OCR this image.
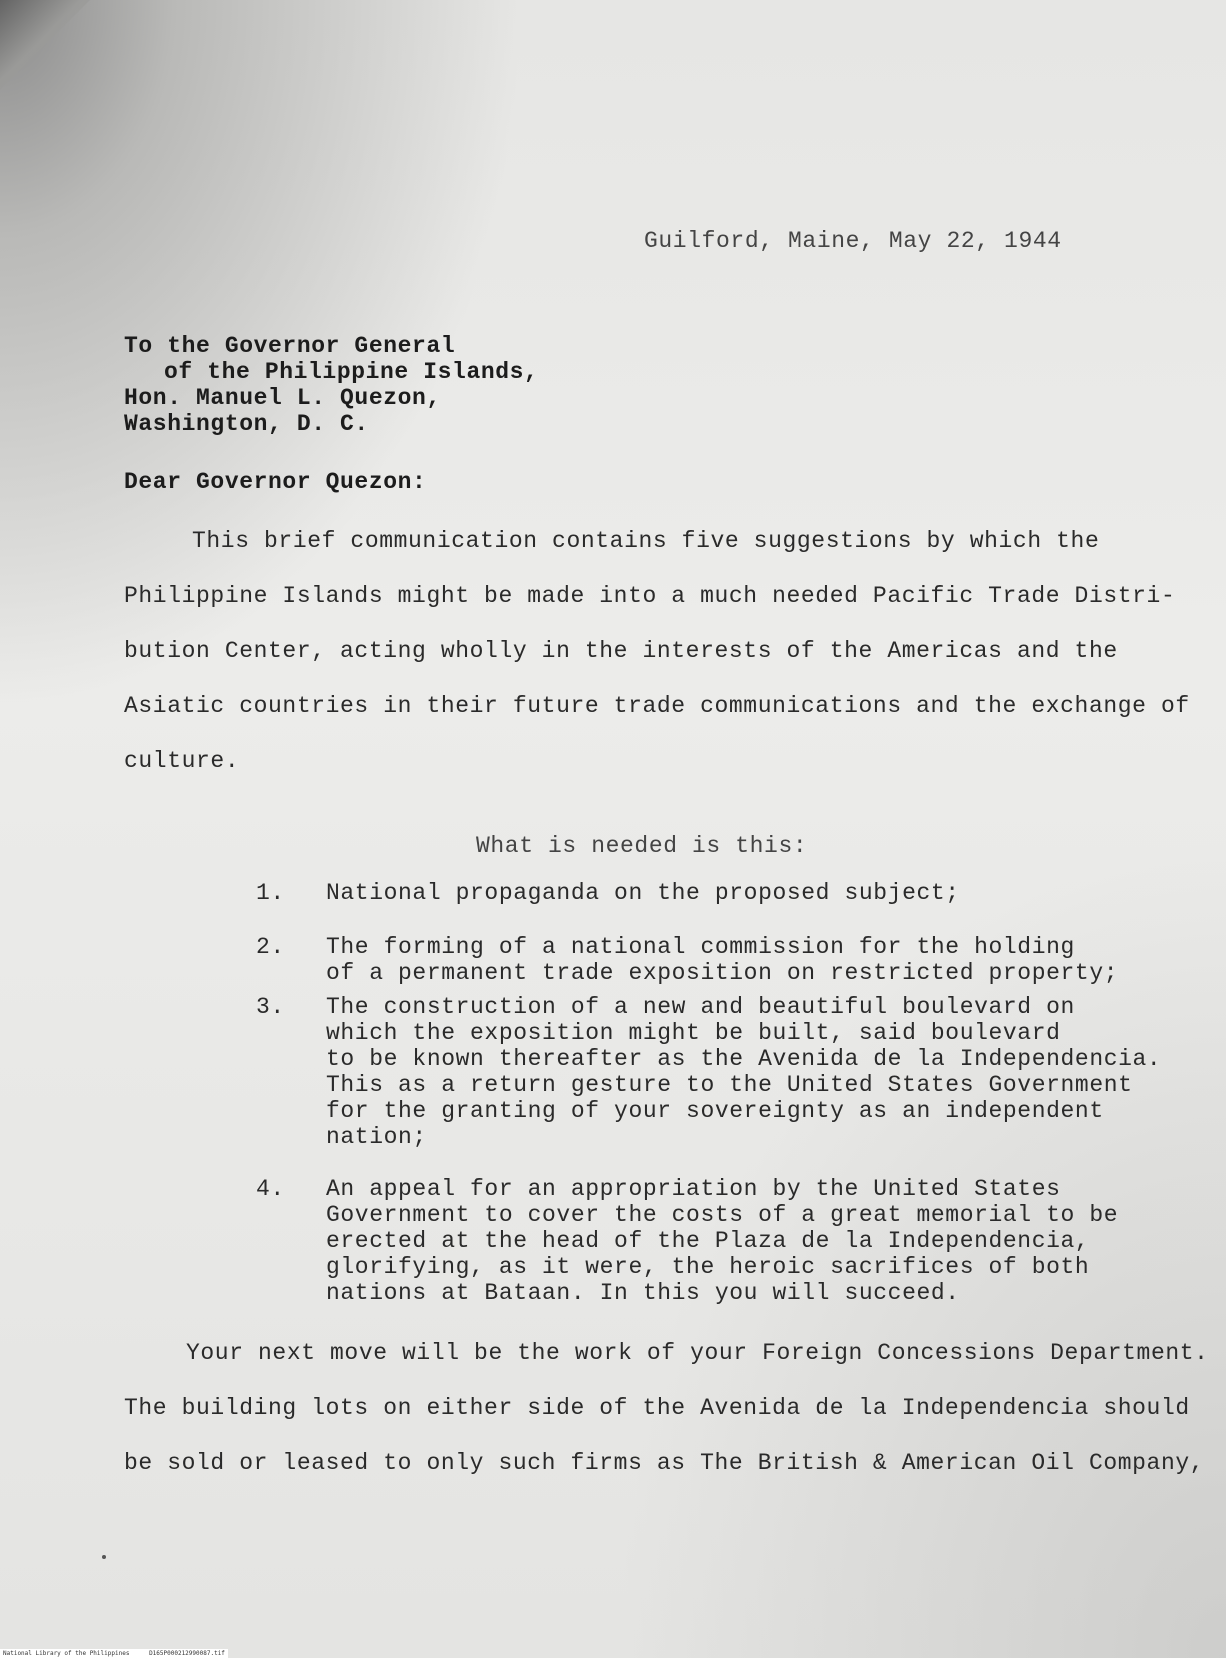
Guilford, Maine, May 22, 1944
To the Governor General
of the Philippine Islands,
Hon. Manuel L. Quezon,
Washington, D. C.
Dear Governor Quezon:
This brief communication contains five suggestions by which the
Philippine Islands might be made into a much needed Pacific Trade Distri-
bution Center, acting wholly in the interests of the Americas and the
Asiatic countries in their future trade communications and the exchange of
culture.
What is needed is this:
1.	National propaganda on the proposed subject;
2.	The forming of a national commission for the holding
of a permanent trade exposition on restricted property;
3.	The construction of a new and beautiful boulevard on
which the exposition might be built, said boulevard
to be known thereafter as the Avenida de la Independencia.
This as a return gesture to the United States Government
for the granting of your sovereignty as an independent
nation;
4.	An appeal for an appropriation by the United States
Government to cover the costs of a great memorial to be
erected at the head of the Plaza de la Independencia,
glorifying, as it were, the heroic sacrifices of both
nations at Bataan. In this you will succeed.
Your next move will be the work of your Foreign Concessions Department.
The building lots on either side of the Avenida de la Independencia should
be sold or leased to only such firms as The British & American Oil Company,
National Library of the Philippines	D165P000212990087.tif
